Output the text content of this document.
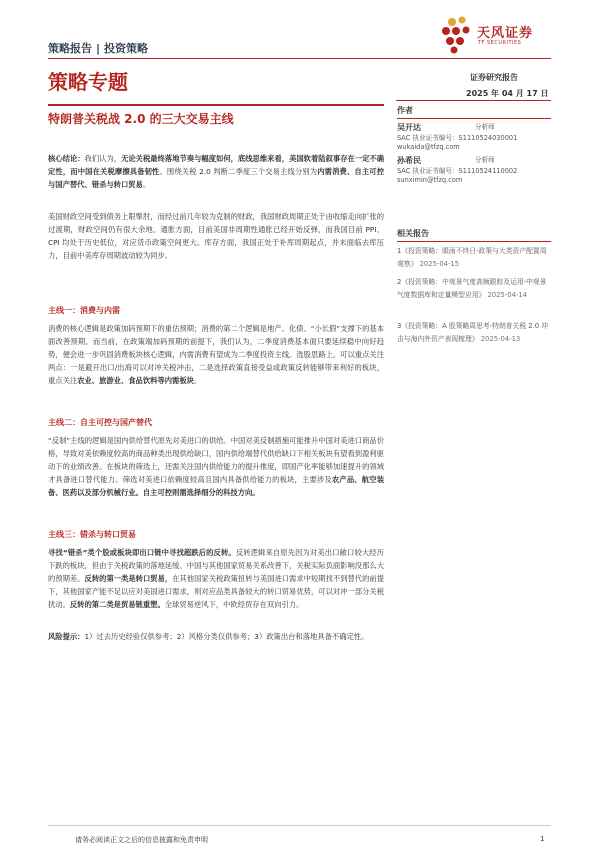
策略报告 | 投资策略
天风证券
TF SECURITIES
策略专题	证券研究报告
2025 年 04 月 17 日
特朗普关税战 2.0 的三大交易主线

核心结论：我们认为，无论关税最终落地节奏与幅度如何，底线思维来看，美国软着陆叙事存在一定不确定性，而中国在关税摩擦具备韧性。围绕关税 2.0 判断二季度三个交易主线分别为内需消费、自主可控与国产替代、错杀与转口贸易。

美国财政空间受到债务上限掣肘，而经过前几年较为克制的财政，我国财政周期正处于由收缩走向扩张的过渡期，财政空间仍有很大余地。通胀方面，目前美国非周期性通胀已经开始反弹，而我国目前 PPI、CPI 均处于历史低位，对应货币政策空间更大。库存方面，我国正处于补库周期起点，并未面临去库压力，目前中美库存周期波动较为同步。

主线一：消费与内需

消费的核心逻辑是政策加码预期下的重估预期；消费的第二个逻辑是地产、化债、“小长假”支撑下的基本面改善预期。而当前，在政策端加码预期的前提下，我们认为，二季度消费基本面只要延续稳中向好趋势，便会进一步巩固消费板块核心逻辑，内需消费有望成为二季度投资主线。选股思路上，可以重点关注两点：一是避开出口/出海可以对冲关税冲击，二是选择政策直接受益或政策反转能够带来利好的板块，重点关注农业、旅游业、食品饮料等内需板块。

主线二：自主可控与国产替代

“反制”主线的逻辑是国内供给替代原先对美进口的供给。中国对美反制措施可能推升中国对美进口商品价格，导致对美依赖度较高的商品种类出现供给缺口，国内供给端替代供给缺口下相关板块有望看到盈利驱动下的业绩改善。在板块的筛选上，还需关注国内供给能力的提升推度，即国产化率能够加速提升的领域才具备进口替代能力。筛选对美进口依赖度较高且国内具备供给能力的板块，主要涉及农产品、航空装备、医药以及部分机械行业。自主可控则需选择细分的科技方向。

主线三：错杀与转口贸易

寻找“错杀”类个股或板块即出口链中寻找超跌后的反转。反转逻辑来自原先因为对美出口敞口较大经历下跌的板块，但由于关税政策的落地延缓、中国与其他国家贸易关系改善下，关税实际负面影响没那么大的预期差。反转的第一类是转口贸易，在其他国家关税政策扭转与美国进口需求中短期找不到替代的前提下，其他国家产能不足以应对美国进口需求，则对应品类具备较大的转口贸易优势，可以对冲一部分关税扰动。反转的第二类是贸易链重塑。全球贸易逆风下，中欧经贸存在双向引力。

风险提示：1）过去历史经验仅供参考；2）风格分类仅供参考；3）政策出台和落地具备不确定性。

作者
吴开达	分析师
SAC 执业证书编号：S1110524030001
wukaida@tfzq.com
孙希民	分析师
SAC 执业证书编号：S1110524110002
sunximin@tfzq.com
相关报告
1《投资策略：眼雨不终日-政策与大类资产配置周观察》 2025-04-15
2《投资策略：中观景气度高频跟踪及运用-中观景气度数据库和定量模型应用》 2025-04-14
3《投资策略：A 股策略周思考-特朗普关税 2.0 冲击与海内外资产表现梳理》 2025-04-13
请务必阅读正文之后的信息披露和免责申明	1
